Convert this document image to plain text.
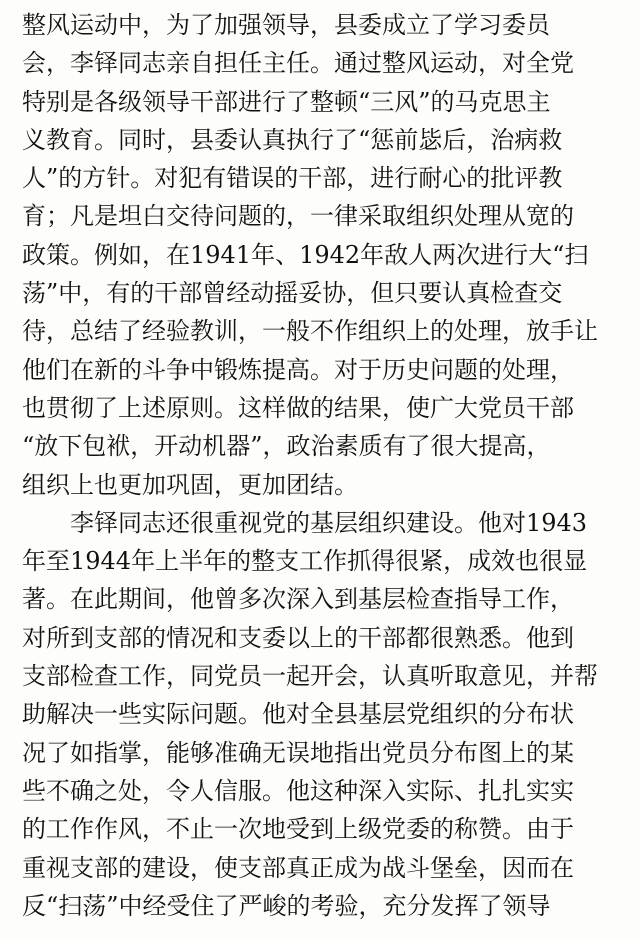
整风运动中，为了加强领导，县委成立了学习委员
会，李铎同志亲自担任主任。通过整风运动，对全党
特别是各级领导干部进行了整顿“三风”的马克思主
义教育。同时，县委认真执行了“惩前毖后，治病救
人”的方针。对犯有错误的干部，进行耐心的批评教
育；凡是坦白交待问题的，一律采取组织处理从宽的
政策。例如，在1941年、1942年敌人两次进行大“扫
荡”中，有的干部曾经动摇妥协，但只要认真检查交
待，总结了经验教训，一般不作组织上的处理，放手让
他们在新的斗争中锻炼提高。对于历史问题的处理，
也贯彻了上述原则。这样做的结果，使广大党员干部
“放下包袱，开动机器”，政治素质有了很大提高，
组织上也更加巩固，更加团结。
李铎同志还很重视党的基层组织建设。他对1943
年至1944年上半年的整支工作抓得很紧，成效也很显
著。在此期间，他曾多次深入到基层检查指导工作，
对所到支部的情况和支委以上的干部都很熟悉。他到
支部检查工作，同党员一起开会，认真听取意见，并帮
助解决一些实际问题。他对全县基层党组织的分布状
况了如指掌，能够准确无误地指出党员分布图上的某
些不确之处，令人信服。他这种深入实际、扎扎实实
的工作作风，不止一次地受到上级党委的称赞。由于
重视支部的建设，使支部真正成为战斗堡垒，因而在
反“扫荡”中经受住了严峻的考验，充分发挥了领导
